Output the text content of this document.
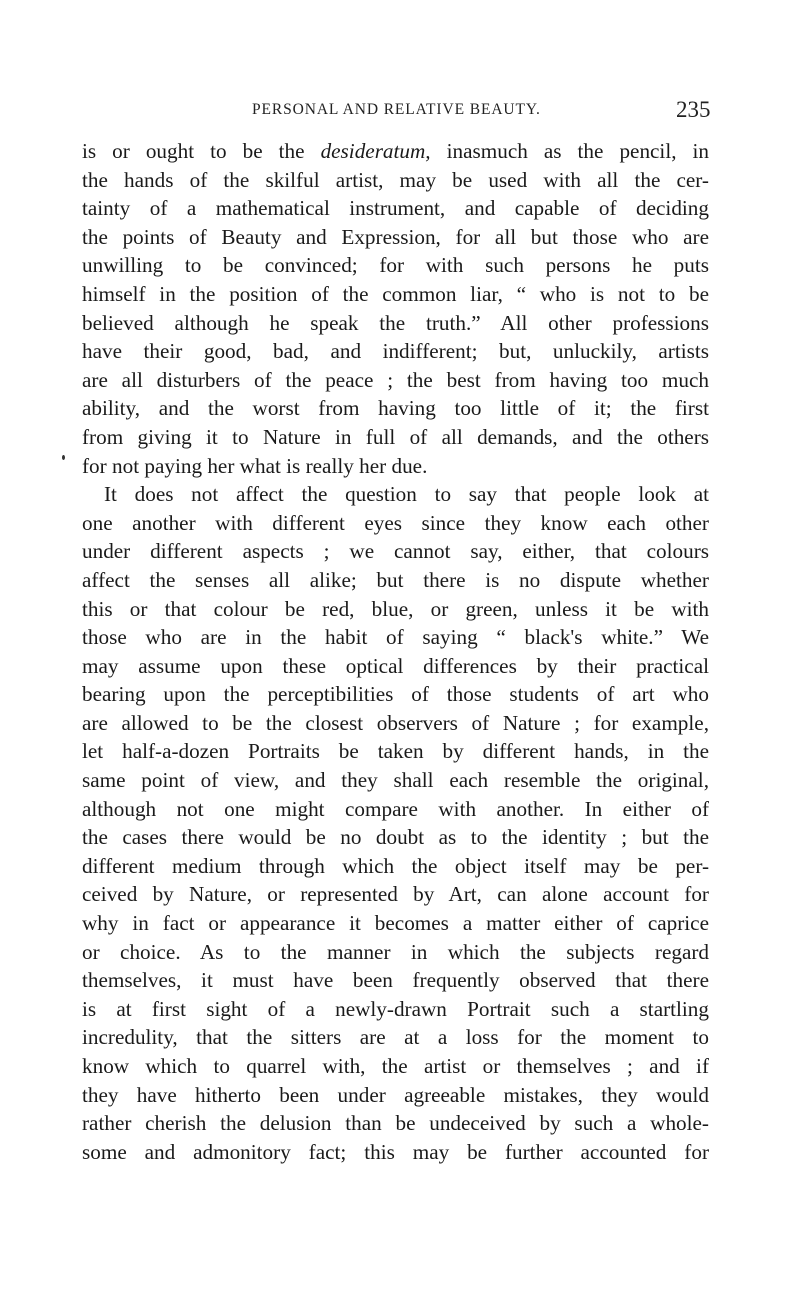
PERSONAL AND RELATIVE BEAUTY.	235
is or ought to be the desideratum, inasmuch as the pencil, in
the hands of the skilful artist, may be used with all the cer-
tainty of a mathematical instrument, and capable of deciding
the points of Beauty and Expression, for all but those who are
unwilling to be convinced; for with such persons he puts
himself in the position of the common liar, “ who is not to be
believed although he speak the truth.” All other professions
have their good, bad, and indifferent; but, unluckily, artists
are all disturbers of the peace ; the best from having too much
ability, and the worst from having too little of it; the first
from giving it to Nature in full of all demands, and the others
for not paying her what is really her due.
It does not affect the question to say that people look at
one another with different eyes since they know each other
under different aspects ; we cannot say, either, that colours
affect the senses all alike; but there is no dispute whether
this or that colour be red, blue, or green, unless it be with
those who are in the habit of saying “ black's white.” We
may assume upon these optical differences by their practical
bearing upon the perceptibilities of those students of art who
are allowed to be the closest observers of Nature ; for example,
let half-a-dozen Portraits be taken by different hands, in the
same point of view, and they shall each resemble the original,
although not one might compare with another. In either of
the cases there would be no doubt as to the identity ; but the
different medium through which the object itself may be per-
ceived by Nature, or represented by Art, can alone account for
why in fact or appearance it becomes a matter either of caprice
or choice. As to the manner in which the subjects regard
themselves, it must have been frequently observed that there
is at first sight of a newly-drawn Portrait such a startling
incredulity, that the sitters are at a loss for the moment to
know which to quarrel with, the artist or themselves ; and if
they have hitherto been under agreeable mistakes, they would
rather cherish the delusion than be undeceived by such a whole-
some and admonitory fact; this may be further accounted for
